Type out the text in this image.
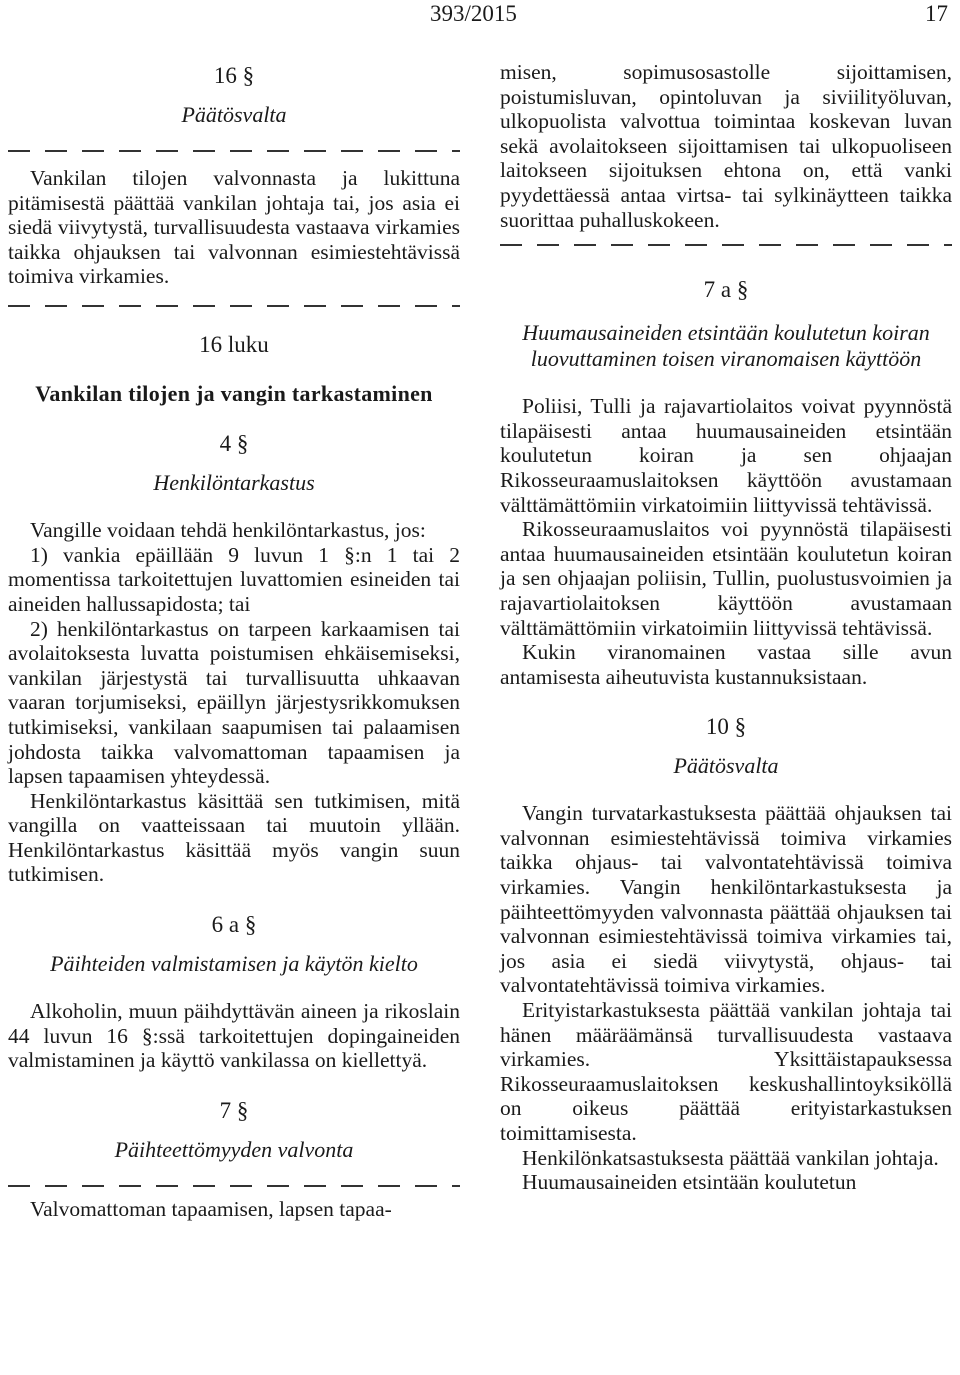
393/2015	17
16 §
Päätösvalta

Vankilan tilojen valvonnasta ja lukittuna pitämisestä päättää vankilan johtaja tai, jos asia ei siedä viivytystä, turvallisuudesta vastaava virkamies taikka ohjauksen tai valvonnan esimiestehtävissä toimiva virkamies.

16 luku
Vankilan tilojen ja vangin tarkastaminen
4 §
Henkilöntarkastus

Vangille voidaan tehdä henkilöntarkastus, jos:

1) vankia epäillään 9 luvun 1 §:n 1 tai 2 momentissa tarkoitettujen luvattomien esineiden tai aineiden hallussapidosta; tai

2) henkilöntarkastus on tarpeen karkaamisen tai avolaitoksesta luvatta poistumisen ehkäisemiseksi, vankilan järjestystä tai turvallisuutta uhkaavan vaaran torjumiseksi, epäillyn järjestysrikkomuksen tutkimiseksi, vankilaan saapumisen tai palaamisen johdosta taikka valvomattoman tapaamisen ja lapsen tapaamisen yhteydessä.

Henkilöntarkastus käsittää sen tutkimisen, mitä vangilla on vaatteissaan tai muutoin yllään. Henkilöntarkastus käsittää myös vangin suun tutkimisen.

6 a §
Päihteiden valmistamisen ja käytön kielto

Alkoholin, muun päihdyttävän aineen ja rikoslain 44 luvun 16 §:ssä tarkoitettujen dopingaineiden valmistaminen ja käyttö vankilassa on kiellettyä.

7 §
Päihteettömyyden valvonta

Valvomattoman tapaamisen, lapsen tapaa-

misen, sopimusosastolle sijoittamisen, poistumisluvan, opintoluvan ja siviilityöluvan, ulkopuolista valvottua toimintaa koskevan luvan sekä avolaitokseen sijoittamisen tai ulkopuoliseen laitokseen sijoituksen ehtona on, että vanki pyydettäessä antaa virtsa- tai sylkinäytteen taikka suorittaa puhalluskokeen.

7 a §
Huumausaineiden etsintään koulutetun koiran luovuttaminen toisen viranomaisen käyttöön

Poliisi, Tulli ja rajavartiolaitos voivat pyynnöstä tilapäisesti antaa huumausaineiden etsintään koulutetun koiran ja sen ohjaajan Rikosseuraamuslaitoksen käyttöön avustamaan välttämättömiin virkatoimiin liittyvissä tehtävissä.

Rikosseuraamuslaitos voi pyynnöstä tilapäisesti antaa huumausaineiden etsintään koulutetun koiran ja sen ohjaajan poliisin, Tullin, puolustusvoimien ja rajavartiolaitoksen käyttöön avustamaan välttämättömiin virkatoimiin liittyvissä tehtävissä.

Kukin viranomainen vastaa sille avun antamisesta aiheutuvista kustannuksistaan.

10 §
Päätösvalta

Vangin turvatarkastuksesta päättää ohjauksen tai valvonnan esimiestehtävissä toimiva virkamies taikka ohjaus- tai valvontatehtävissä toimiva virkamies. Vangin henkilöntarkastuksesta ja päihteettömyyden valvonnasta päättää ohjauksen tai valvonnan esimiestehtävissä toimiva virkamies tai, jos asia ei siedä viivytystä, ohjaus- tai valvontatehtävissä toimiva virkamies.

Erityistarkastuksesta päättää vankilan johtaja tai hänen määräämänsä turvallisuudesta vastaava virkamies. Yksittäistapauksessa Rikosseuraamuslaitoksen keskushallintoyksiköllä on oikeus päättää erityistarkastuksen toimittamisesta.

Henkilönkatsastuksesta päättää vankilan johtaja.

Huumausaineiden etsintään koulutetun
